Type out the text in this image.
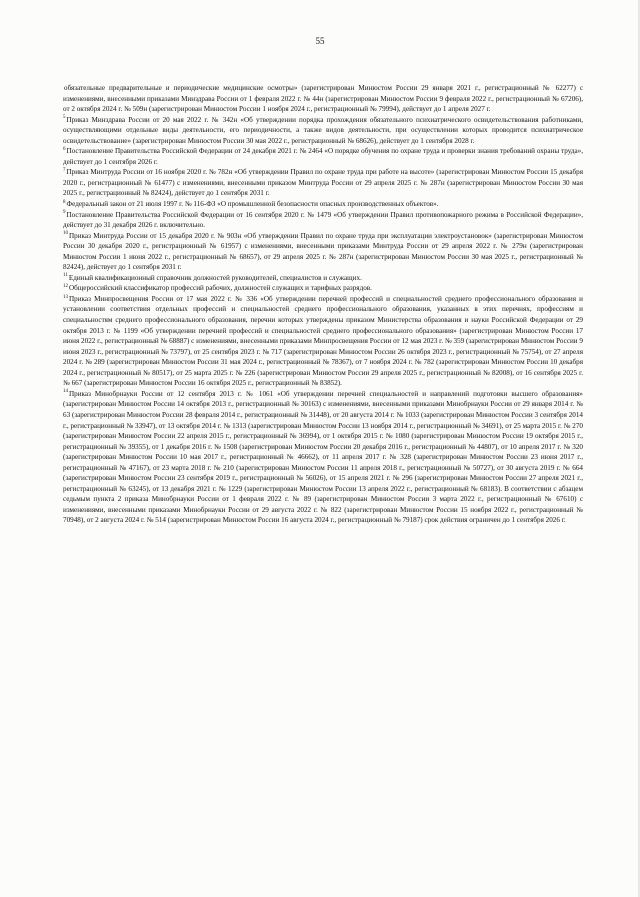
55

обязательные предварительные и периодические медицинские осмотры» (зарегистрирован Минюстом России 29 января 2021 г., регистрационный № 62277) с изменениями, внесенными приказами Минздрава России от 1 февраля 2022 г. № 44н (зарегистрирован Минюстом России 9 февраля 2022 г., регистрационный № 67206), от 2 октября 2024 г. № 509н (зарегистрирован Минюстом России 1 ноября 2024 г., регистрационный № 79994), действует до 1 апреля 2027 г.

$^5$Приказ Минздрава России от 20 мая 2022 г. № 342н «Об утверждении порядка прохождения обязательного психиатрического освидетельствования работниками, осуществляющими отдельные виды деятельности, его периодичности, а также видов деятельности, при осуществлении которых проводится психиатрическое освидетельствование» (зарегистрирован Минюстом России 30 мая 2022 г., регистрационный № 68626), действует до 1 сентября 2028 г.

$^6$Постановление Правительства Российской Федерации от 24 декабря 2021 г. № 2464 «О порядке обучения по охране труда и проверки знания требований охраны труда», действует до 1 сентября 2026 г.

$^7$Приказ Минтруда России от 16 ноября 2020 г. № 782н «Об утверждении Правил по охране труда при работе на высоте» (зарегистрирован Минюстом России 15 декабря 2020 г., регистрационный № 61477) с изменениями, внесенными приказом Минтруда России от 29 апреля 2025 г. № 287н (зарегистрирован Минюстом России 30 мая 2025 г., регистрационный № 82424), действует до 1 сентября 2031 г.

$^8$Федеральный закон от 21 июля 1997 г. № 116-ФЗ «О промышленной безопасности опасных производственных объектов».

$^9$Постановление Правительства Российской Федерации от 16 сентября 2020 г. № 1479 «Об утверждении Правил противопожарного режима в Российской Федерации», действует до 31 декабря 2026 г. включительно.

$^{10}$Приказ Минтруда России от 15 декабря 2020 г. № 903н «Об утверждении Правил по охране труда при эксплуатации электроустановок» (зарегистрирован Минюстом России 30 декабря 2020 г., регистрационный № 61957) с изменениями, внесенными приказами Минтруда России от 29 апреля 2022 г. № 279н (зарегистрирован Минюстом России 1 июня 2022 г., регистрационный № 68657), от 29 апреля 2025 г. № 287н (зарегистрирован Минюстом России 30 мая 2025 г., регистрационный № 82424), действует до 1 сентября 2031 г.

$^{11}$Единый квалификационный справочник должностей руководителей, специалистов и служащих.

$^{12}$Общероссийский классификатор профессий рабочих, должностей служащих и тарифных разрядов.

$^{13}$Приказ Минпросвещения России от 17 мая 2022 г. № 336 «Об утверждении перечней профессий и специальностей среднего профессионального образования и установлении соответствия отдельных профессий и специальностей среднего профессионального образования, указанных в этих перечнях, профессиям и специальностям среднего профессионального образования, перечни которых утверждены приказом Министерства образования и науки Российской Федерации от 29 октября 2013 г. № 1199 «Об утверждении перечней профессий и специальностей среднего профессионального образования» (зарегистрирован Минюстом России 17 июня 2022 г., регистрационный № 68887) с изменениями, внесенными приказами Минпросвещения России от 12 мая 2023 г. № 359 (зарегистрирован Минюстом России 9 июня 2023 г., регистрационный № 73797), от 25 сентября 2023 г. № 717 (зарегистрирован Минюстом России 26 октября 2023 г., регистрационный № 75754), от 27 апреля 2024 г. № 289 (зарегистрирован Минюстом России 31 мая 2024 г., регистрационный № 78367), от 7 ноября 2024 г. № 782 (зарегистрирован Минюстом России 10 декабря 2024 г., регистрационный № 80517), от 25 марта 2025 г. № 226 (зарегистрирован Минюстом России 29 апреля 2025 г., регистрационный № 82008), от 16 сентября 2025 г. № 667 (зарегистрирован Минюстом России 16 октября 2025 г., регистрационный № 83852).

$^{14}$Приказ Минобрнауки России от 12 сентября 2013 г. № 1061 «Об утверждении перечней специальностей и направлений подготовки высшего образования» (зарегистрирован Минюстом России 14 октября 2013 г., регистрационный № 30163) с изменениями, внесенными приказами Минобрнауки России от 29 января 2014 г. № 63 (зарегистрирован Минюстом России 28 февраля 2014 г., регистрационный № 31448), от 20 августа 2014 г. № 1033 (зарегистрирован Минюстом России 3 сентября 2014 г., регистрационный № 33947), от 13 октября 2014 г. № 1313 (зарегистрирован Минюстом России 13 ноября 2014 г., регистрационный № 34691), от 25 марта 2015 г. № 270 (зарегистрирован Минюстом России 22 апреля 2015 г., регистрационный № 36994), от 1 октября 2015 г. № 1080 (зарегистрирован Минюстом России 19 октября 2015 г., регистрационный № 39355), от 1 декабря 2016 г. № 1508 (зарегистрирован Минюстом России 20 декабря 2016 г., регистрационный № 44807), от 10 апреля 2017 г. № 320 (зарегистрирован Минюстом России 10 мая 2017 г., регистрационный № 46662), от 11 апреля 2017 г. № 328 (зарегистрирован Минюстом России 23 июня 2017 г., регистрационный № 47167), от 23 марта 2018 г. № 210 (зарегистрирован Минюстом России 11 апреля 2018 г., регистрационный № 50727), от 30 августа 2019 г. № 664 (зарегистрирован Минюстом России 23 сентября 2019 г., регистрационный № 56026), от 15 апреля 2021 г. № 296 (зарегистрирован Минюстом России 27 апреля 2021 г., регистрационный № 63245), от 13 декабря 2021 г. № 1229 (зарегистрирован Минюстом России 13 апреля 2022 г., регистрационный № 68183). В соответствии с абзацем седьмым пункта 2 приказа Минобрнауки России от 1 февраля 2022 г. № 89 (зарегистрирован Минюстом России 3 марта 2022 г., регистрационный № 67610) с изменениями, внесенными приказами Минобрнауки России от 29 августа 2022 г. № 822 (зарегистрирован Минюстом России 15 ноября 2022 г., регистрационный № 70948), от 2 августа 2024 г. № 514 (зарегистрирован Минюстом России 16 августа 2024 г., регистрационный № 79187) срок действия ограничен до 1 сентября 2026 г.
